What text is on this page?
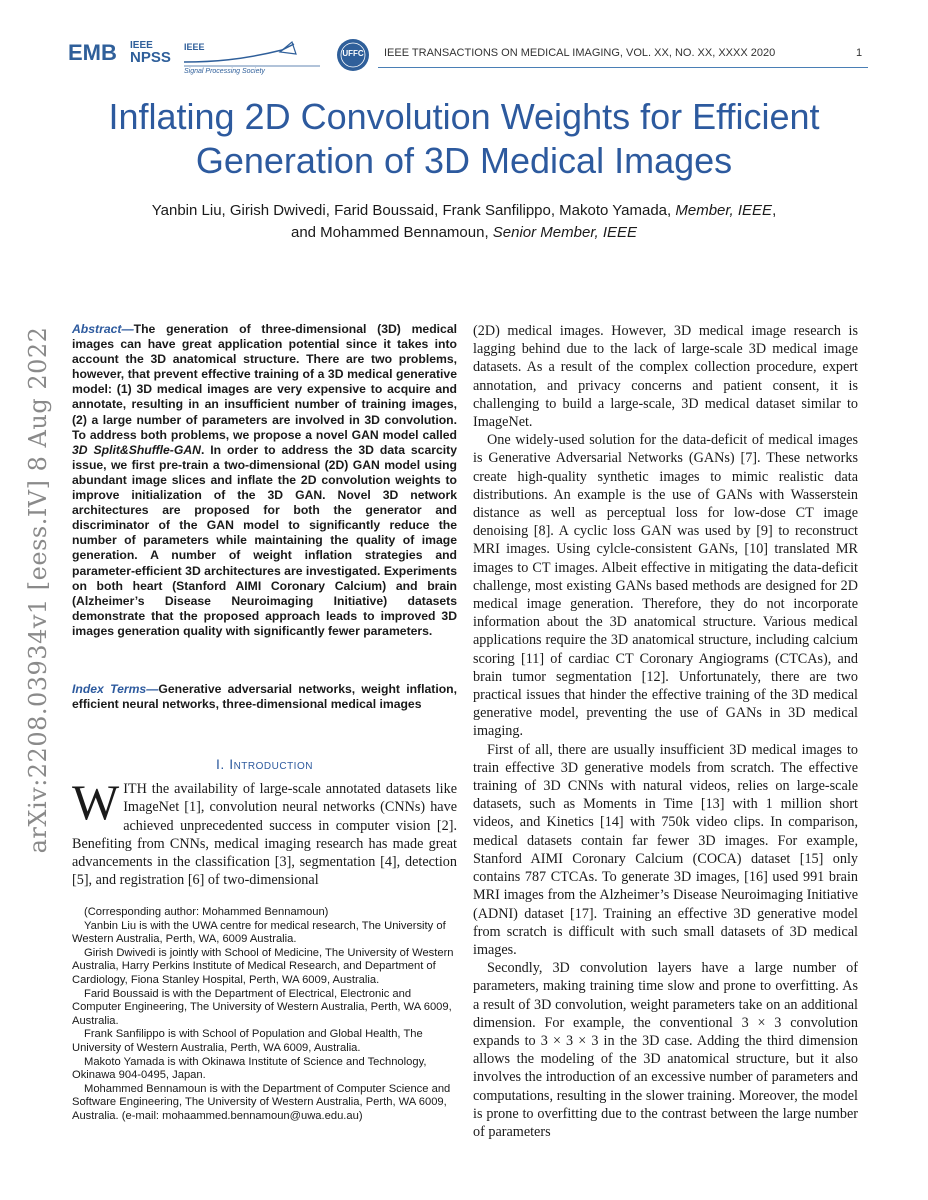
EMB IEEE
NPSS
IEEE
Signal Processing Society
UFFC	IEEE TRANSACTIONS ON MEDICAL IMAGING, VOL. XX, NO. XX, XXXX 2020	1
Inflating 2D Convolution Weights for Efficient Generation of 3D Medical Images
Yanbin Liu, Girish Dwivedi, Farid Boussaid, Frank Sanfilippo, Makoto Yamada, Member, IEEE,
and Mohammed Bennamoun, Senior Member, IEEE
arXiv:2208.03934v1 [eess.IV] 8 Aug 2022 Abstract—The generation of three-dimensional (3D) medical images can have great application potential since it takes into account the 3D anatomical structure. There are two problems, however, that prevent effective training of a 3D medical generative model: (1) 3D medical images are very expensive to acquire and annotate, resulting in an insufficient number of training images, (2) a large number of parameters are involved in 3D convolution. To address both problems, we propose a novel GAN model called 3D Split&Shuffle-GAN. In order to address the 3D data scarcity issue, we first pre-train a two-dimensional (2D) GAN model using abundant image slices and inflate the 2D convolution weights to improve initialization of the 3D GAN. Novel 3D network architectures are proposed for both the generator and discriminator of the GAN model to significantly reduce the number of parameters while maintaining the quality of image generation. A number of weight inflation strategies and parameter-efficient 3D architectures are investigated. Experiments on both heart (Stanford AIMI Coronary Calcium) and brain (Alzheimer’s Disease Neuroimaging Initiative) datasets demonstrate that the proposed approach leads to improved 3D images generation quality with significantly fewer parameters.
Index Terms—Generative adversarial networks, weight inflation, efficient neural networks, three-dimensional medical images
I. Introduction
WITH the availability of large-scale annotated datasets like ImageNet [1], convolution neural networks (CNNs) have achieved unprecedented success in computer vision [2]. Benefiting from CNNs, medical imaging research has made great advancements in the classification [3], segmentation [4], detection [5], and registration [6] of two-dimensional

(Corresponding author: Mohammed Bennamoun)

Yanbin Liu is with the UWA centre for medical research, The University of Western Australia, Perth, WA, 6009 Australia.

Girish Dwivedi is jointly with School of Medicine, The University of Western Australia, Harry Perkins Institute of Medical Research, and Department of Cardiology, Fiona Stanley Hospital, Perth, WA 6009, Australia.

Farid Boussaid is with the Department of Electrical, Electronic and Computer Engineering, The University of Western Australia, Perth, WA 6009, Australia.

Frank Sanfilippo is with School of Population and Global Health, The University of Western Australia, Perth, WA 6009, Australia.

Makoto Yamada is with Okinawa Institute of Science and Technology, Okinawa 904-0495, Japan.

Mohammed Bennamoun is with the Department of Computer Science and Software Engineering, The University of Western Australia, Perth, WA 6009, Australia. (e-mail: mohaammed.bennamoun@uwa.edu.au)

(2D) medical images. However, 3D medical image research is lagging behind due to the lack of large-scale 3D medical image datasets. As a result of the complex collection procedure, expert annotation, and privacy concerns and patient consent, it is challenging to build a large-scale, 3D medical dataset similar to ImageNet.

One widely-used solution for the data-deficit of medical images is Generative Adversarial Networks (GANs) [7]. These networks create high-quality synthetic images to mimic realistic data distributions. An example is the use of GANs with Wasserstein distance as well as perceptual loss for low-dose CT image denoising [8]. A cyclic loss GAN was used by [9] to reconstruct MRI images. Using cylcle-consistent GANs, [10] translated MR images to CT images. Albeit effective in mitigating the data-deficit challenge, most existing GANs based methods are designed for 2D medical image generation. Therefore, they do not incorporate information about the 3D anatomical structure. Various medical applications require the 3D anatomical structure, including calcium scoring [11] of cardiac CT Coronary Angiograms (CTCAs), and brain tumor segmentation [12]. Unfortunately, there are two practical issues that hinder the effective training of the 3D medical generative model, preventing the use of GANs in 3D medical imaging.

First of all, there are usually insufficient 3D medical images to train effective 3D generative models from scratch. The effective training of 3D CNNs with natural videos, relies on large-scale datasets, such as Moments in Time [13] with 1 million short videos, and Kinetics [14] with 750k video clips. In comparison, medical datasets contain far fewer 3D images. For example, Stanford AIMI Coronary Calcium (COCA) dataset [15] only contains 787 CTCAs. To generate 3D images, [16] used 991 brain MRI images from the Alzheimer’s Disease Neuroimaging Initiative (ADNI) dataset [17]. Training an effective 3D generative model from scratch is difficult with such small datasets of 3D medical images.

Secondly, 3D convolution layers have a large number of parameters, making training time slow and prone to overfitting. As a result of 3D convolution, weight parameters take on an additional dimension. For example, the conventional 3 × 3 convolution expands to 3 × 3 × 3 in the 3D case. Adding the third dimension allows the modeling of the 3D anatomical structure, but it also involves the introduction of an excessive number of parameters and computations, resulting in the slower training. Moreover, the model is prone to overfitting due to the contrast between the large number of parameters
